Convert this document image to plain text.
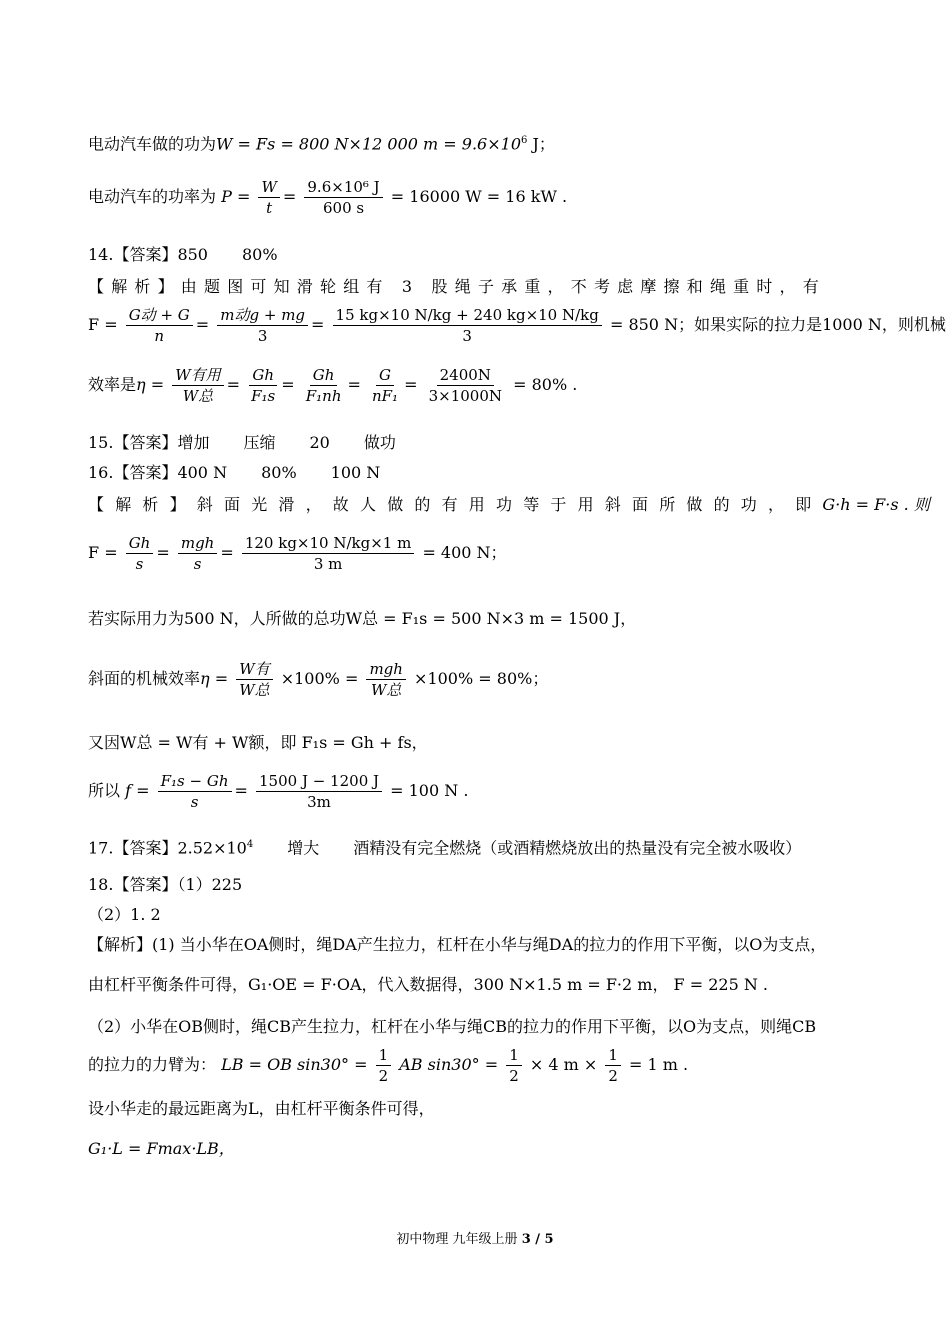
电动汽车做的功为W = Fs = 800 N×12 000 $m = 9.6\times 10^6$ J；
电动汽车的功率为 $P = \frac{W}{t} = \frac{\text{9.6×10⁶ J}}{600 s} = 16000$ W = 16 kW .
14.【答案】850 80%
【解析】由题图可知滑轮组有 3 股绳子承重，不考虑摩擦和绳重时，有
$F = \frac{\text{G动 + G}}{n} = \frac{\text{m动g + mg}}{3} = \frac{15 kg\times 10 N/kg + 240 kg\times 10 N/kg}{3} = 850$ N；如果实际的拉力是1000 N，则机械
效率是$\eta = \frac{\text{W有用}}{\text{W总}} = \frac{Gh}{\text{F₁s}} = \frac{Gh}{\text{F₁nh}} = \frac{G}{\text{nF₁}} = \frac{2400N}{3\times 1000N} = 80\%$ .
15.【答案】增加 压缩 20 做功
16.【答案】400 N 80% 100 N
【解析】斜面光滑，故人做的有用功等于用斜面所做的功，即G·h = F·s . 则
$F = \frac{Gh}{s} = \frac{\text{mgh}}{s} = \frac{120 kg\times 10 N/kg\times 1 m}{3 m} = 400$ N；
若实际用力为500 N，人所做的总功W总 = F₁s = 500 N×3 m = 1500 J，
斜面的机械效率$\eta = \frac{\text{W有}}{\text{W总}} \times 100\% = \frac{\text{mgh}}{\text{W总}} \times 100\% = 80\%$；
又因W总 = W有 + W额，即 F₁s = Gh + fs，
所以 $f = \frac{\text{F₁s − Gh}}{s} = \frac{1500 J - 1200 J}{3m} = 100$ N .
17.【答案】$2.52\times 10^4$ 增大 酒精没有完全燃烧（或酒精燃烧放出的热量没有完全被水吸收）
18.【答案】（1）225
（2）1. 2
【解析】(1) 当小华在OA侧时，绳DA产生拉力，杠杆在小华与绳DA的拉力的作用下平衡，以O为支点，
由杠杆平衡条件可得，G₁·OE = F·OA，代入数据得，300 N×1.5 m = F·2 m， F = 225 N .
（2）小华在OB侧时，绳CB产生拉力，杠杆在小华与绳CB的拉力的作用下平衡，以O为支点，则绳CB
的拉力的力臂为： LB = OB $\sin 30^\circ = \frac{1}{2}$ AB $\sin 30^\circ = \frac{1}{2} \times 4$ $m \times \frac{1}{2} = 1$ m .
设小华走的最远距离为L，由杠杆平衡条件可得，
G₁·L = Fmax·LB，
初中物理 九年级上册 3 / 5
